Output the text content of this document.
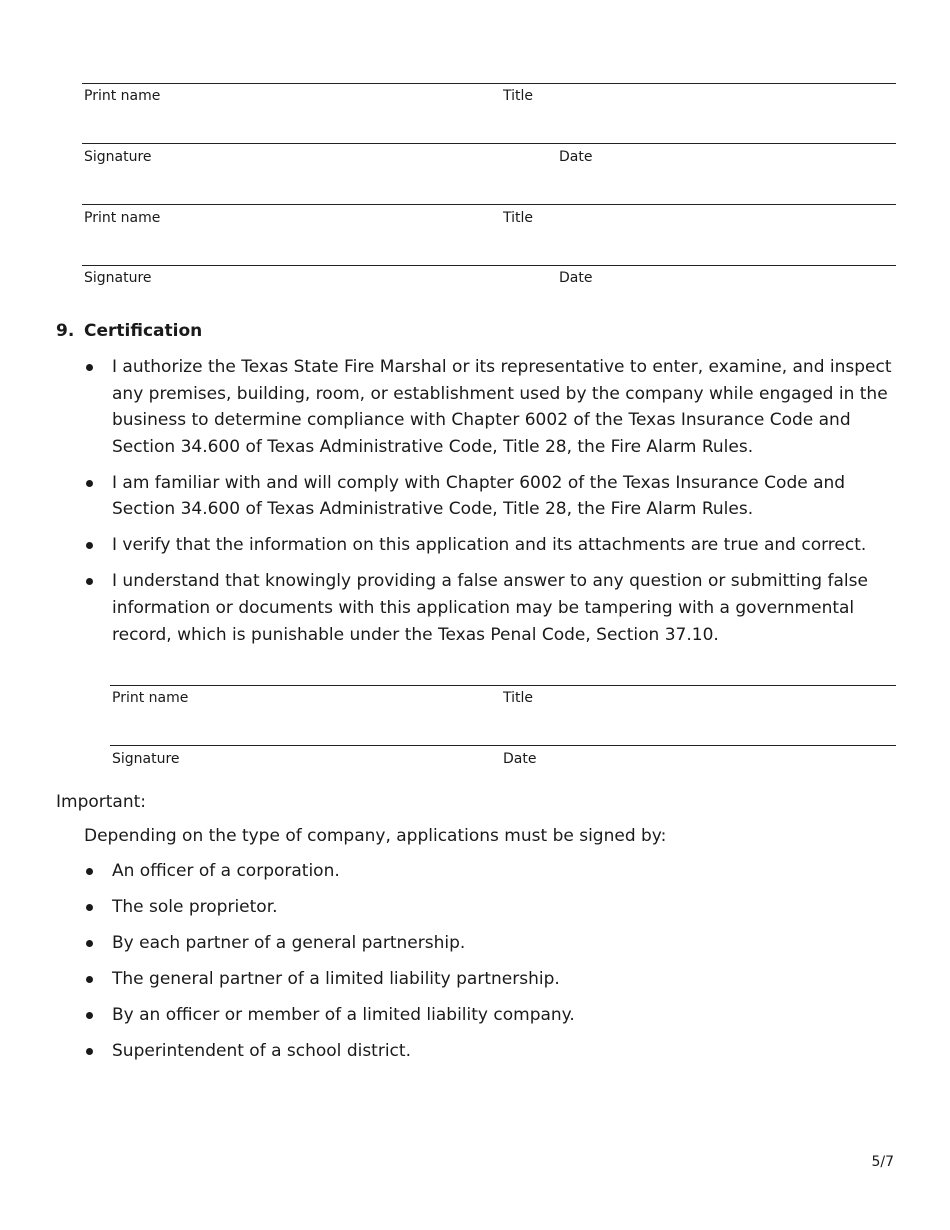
Print name	Title
Signature	Date
Print name	Title
Signature	Date
9. Certification
I authorize the Texas State Fire Marshal or its representative to enter, examine, and inspect any premises, building, room, or establishment used by the company while engaged in the business to determine compliance with Chapter 6002 of the Texas Insurance Code and Section 34.600 of Texas Administrative Code, Title 28, the Fire Alarm Rules.
I am familiar with and will comply with Chapter 6002 of the Texas Insurance Code and Section 34.600 of Texas Administrative Code, Title 28, the Fire Alarm Rules.
I verify that the information on this application and its attachments are true and correct.
I understand that knowingly providing a false answer to any question or submitting false information or documents with this application may be tampering with a governmental record, which is punishable under the Texas Penal Code, Section 37.10.
Print name	Title
Signature	Date
Important:
Depending on the type of company, applications must be signed by:
An officer of a corporation.
The sole proprietor.
By each partner of a general partnership.
The general partner of a limited liability partnership.
By an officer or member of a limited liability company.
Superintendent of a school district.
5/7
